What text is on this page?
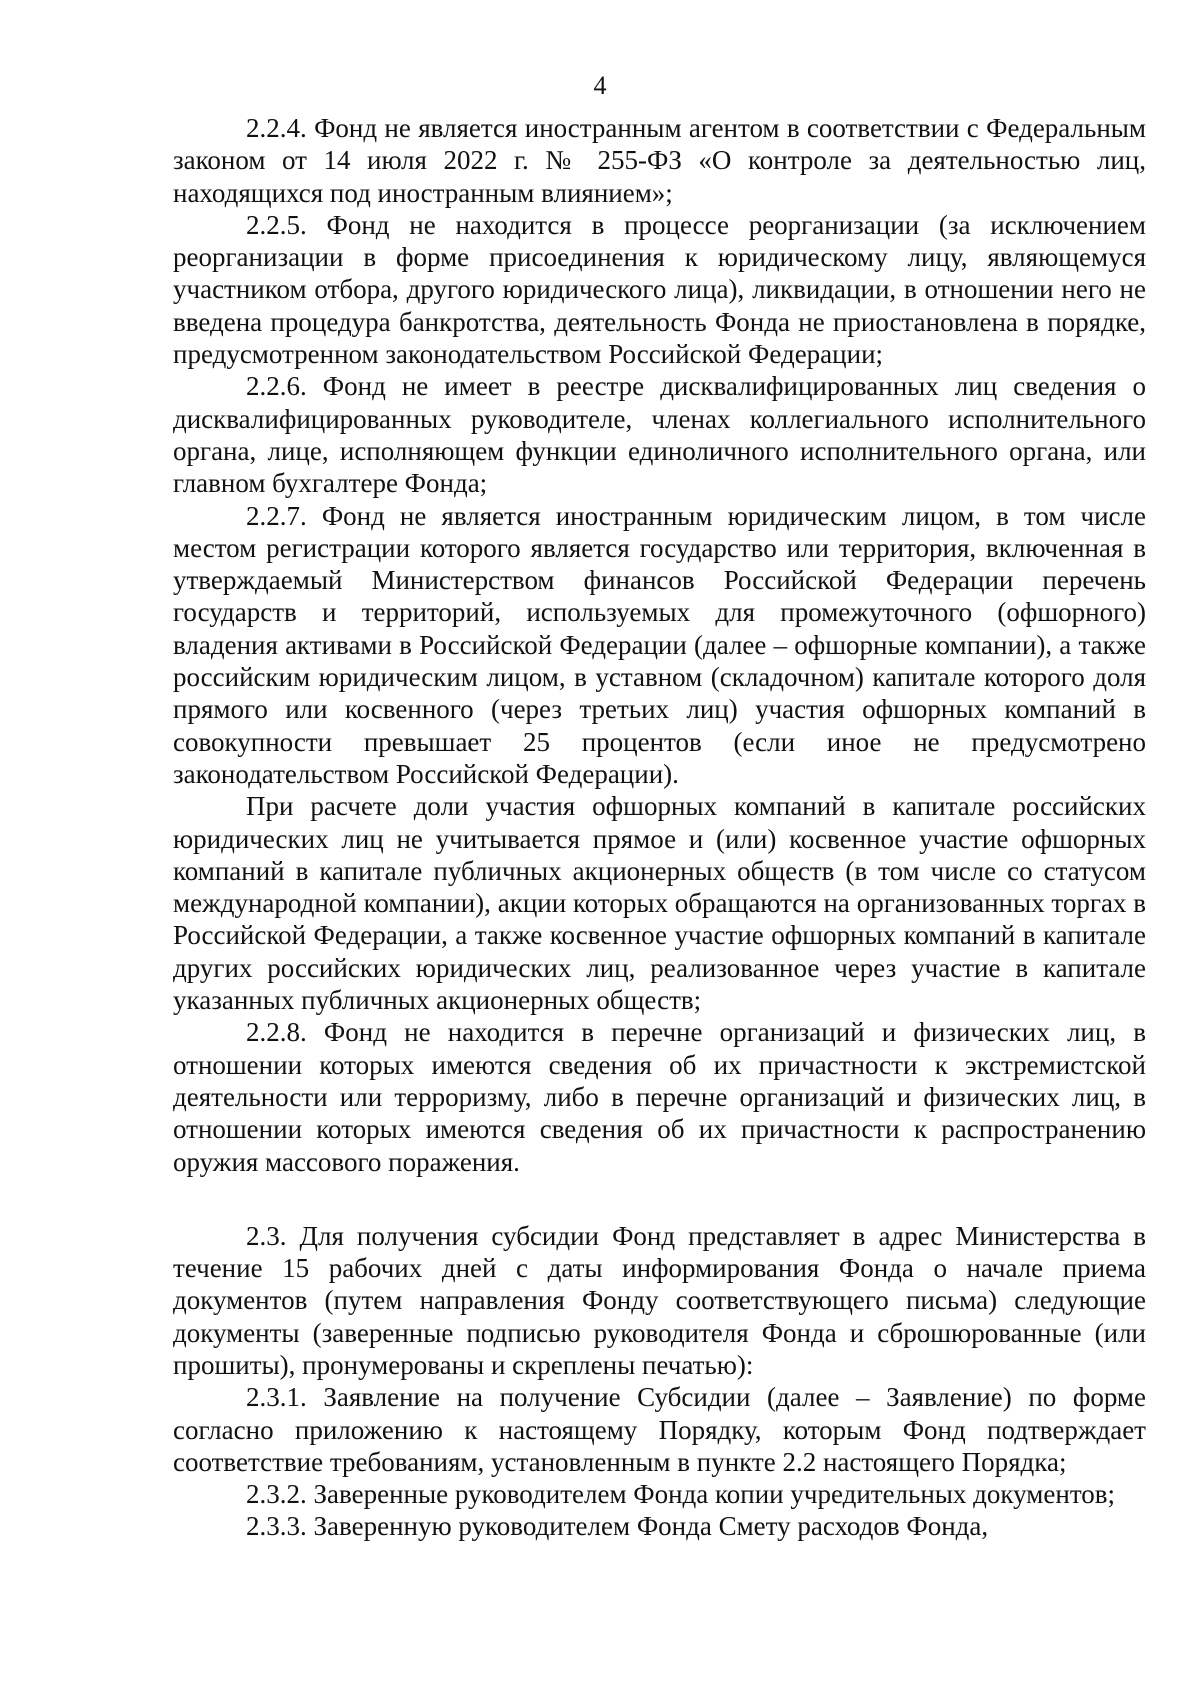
4

2.2.4. Фонд не является иностранным агентом в соответствии с Федеральным законом от 14 июля 2022 г. № 255-ФЗ «О контроле за деятельностью лиц, находящихся под иностранным влиянием»;

2.2.5. Фонд не находится в процессе реорганизации (за исключением реорганизации в форме присоединения к юридическому лицу, являющемуся участником отбора, другого юридического лица), ликвидации, в отношении него не введена процедура банкротства, деятельность Фонда не приостановлена в порядке, предусмотренном законодательством Российской Федерации;

2.2.6. Фонд не имеет в реестре дисквалифицированных лиц сведения о дисквалифицированных руководителе, членах коллегиального исполнительного органа, лице, исполняющем функции единоличного исполнительного органа, или главном бухгалтере Фонда;

2.2.7. Фонд не является иностранным юридическим лицом, в том числе местом регистрации которого является государство или территория, включенная в утверждаемый Министерством финансов Российской Федерации перечень государств и территорий, используемых для промежуточного (офшорного) владения активами в Российской Федерации (далее – офшорные компании), а также российским юридическим лицом, в уставном (складочном) капитале которого доля прямого или косвенного (через третьих лиц) участия офшорных компаний в совокупности превышает 25 процентов (если иное не предусмотрено законодательством Российской Федерации).

При расчете доли участия офшорных компаний в капитале российских юридических лиц не учитывается прямое и (или) косвенное участие офшорных компаний в капитале публичных акционерных обществ (в том числе со статусом международной компании), акции которых обращаются на организованных торгах в Российской Федерации, а также косвенное участие офшорных компаний в капитале других российских юридических лиц, реализованное через участие в капитале указанных публичных акционерных обществ;

2.2.8. Фонд не находится в перечне организаций и физических лиц, в отношении которых имеются сведения об их причастности к экстремистской деятельности или терроризму, либо в перечне организаций и физических лиц, в отношении которых имеются сведения об их причастности к распространению оружия массового поражения.

2.3. Для получения субсидии Фонд представляет в адрес Министерства в течение 15 рабочих дней с даты информирования Фонда о начале приема документов (путем направления Фонду соответствующего письма) следующие документы (заверенные подписью руководителя Фонда и сброшюрованные (или прошиты), пронумерованы и скреплены печатью):

2.3.1. Заявление на получение Субсидии (далее – Заявление) по форме согласно приложению к настоящему Порядку, которым Фонд подтверждает соответствие требованиям, установленным в пункте 2.2 настоящего Порядка;

2.3.2. Заверенные руководителем Фонда копии учредительных документов;

2.3.3. Заверенную руководителем Фонда Смету расходов Фонда,
